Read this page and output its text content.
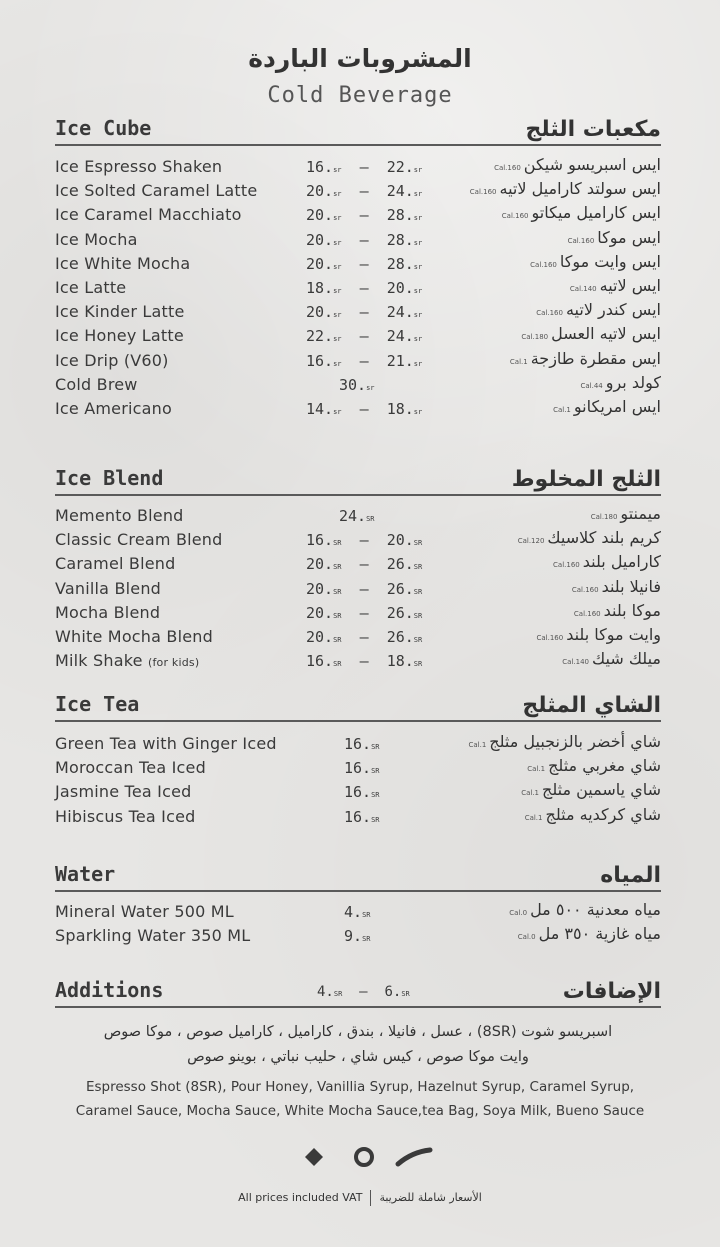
المشروبات الباردة
Cold Beverage
Ice Cube	مكعبات الثلج
Ice Espresso Shaken	16.sr  –  22.sr	ايس اسبريسو شيكنCal.160
Ice Solted Caramel Latte	20.sr  –  24.sr	ايس سولتد كاراميل لاتيهCal.160
Ice Caramel Macchiato	20.sr  –  28.sr	ايس كاراميل ميكاتوCal.160
Ice Mocha	20.sr  –  28.sr	ايس موكاCal.160
Ice White Mocha	20.sr  –  28.sr	ايس وايت موكاCal.160
Ice Latte	18.sr  –  20.sr	ايس لاتيهCal.140
Ice Kinder Latte	20.sr  –  24.sr	ايس كندر لاتيهCal.160
Ice Honey Latte	22.sr  –  24.sr	ايس لاتيه العسلCal.180
Ice Drip (V60)	16.sr  –  21.sr	ايس مقطرة طازجةCal.1
Cold Brew	30.sr	كولد بروCal.44
Ice Americano	14.sr  –  18.sr	ايس امريكانوCal.1
Ice Blend	الثلج المخلوط
Memento Blend	24.SR	ميمنتوCal.180
Classic Cream Blend	16.SR  –  20.SR	كريم بلند كلاسيكCal.120
Caramel Blend	20.SR  –  26.SR	كاراميل بلندCal.160
Vanilla Blend	20.SR  –  26.SR	فانيلا بلندCal.160
Mocha Blend	20.SR  –  26.SR	موكا بلندCal.160
White Mocha Blend	20.SR  –  26.SR	وايت موكا بلندCal.160
Milk Shake (for kids)	16.SR  –  18.SR	ميلك شيكCal.140
Ice Tea	الشاي المثلج
Green Tea with Ginger Iced	16.SR	شاي أخضر بالزنجبيل مثلجCal.1
Moroccan Tea Iced	16.SR	شاي مغربي مثلجCal.1
Jasmine Tea Iced	16.SR	شاي ياسمين مثلجCal.1
Hibiscus Tea Iced	16.SR	شاي كركديه مثلجCal.1
Water	المياه
Mineral Water 500 ML	4.SR	مياه معدنية ٥٠٠ ملCal.0
Sparkling Water 350 ML	9.SR	مياه غازية ٣٥٠ ملCal.0
Additions	4.SR  –  6.SR	الإضافات
اسبريسو شوت (8SR) ، عسل ، فانيلا ، بندق ، كاراميل ، كاراميل صوص ، موكا صوص
وايت موكا صوص ، كيس شاي ، حليب نباتي ، بوينو صوص
Espresso Shot (8SR), Pour Honey, Vanillia Syrup, Hazelnut Syrup, Caramel Syrup,
Caramel Sauce, Mocha Sauce, White Mocha Sauce,tea Bag, Soya Milk, Bueno Sauce
All prices included VAT الأسعار شاملة للضريبة
